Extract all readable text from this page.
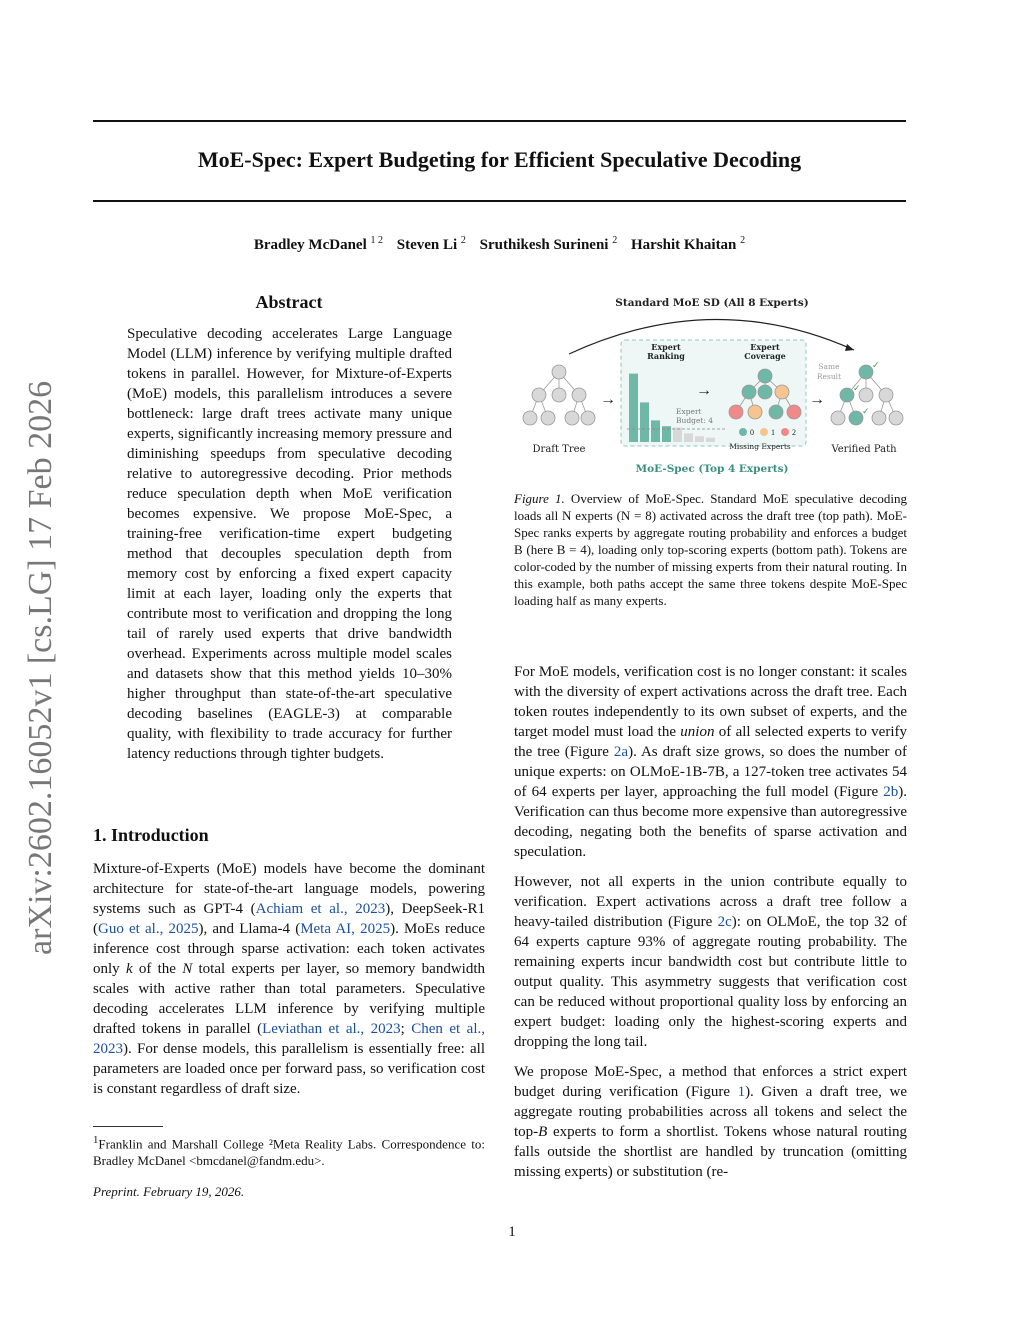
arXiv:2602.16052v1 [cs.LG] 17 Feb 2026
MoE-Spec: Expert Budgeting for Efficient Speculative Decoding
Bradley McDanel $^{1 2}$ Steven Li $^2$ Sruthikesh Surineni $^2$ Harshit Khaitan $^2$
Abstract
Speculative decoding accelerates Large Language Model (LLM) inference by verifying multiple drafted tokens in parallel. However, for Mixture-of-Experts (MoE) models, this parallelism introduces a severe bottleneck: large draft trees activate many unique experts, significantly increasing memory pressure and diminishing speedups from speculative decoding relative to autoregressive decoding. Prior methods reduce speculation depth when MoE verification becomes expensive. We propose MoE-Spec, a training-free verification-time expert budgeting method that decouples speculation depth from memory cost by enforcing a fixed expert capacity limit at each layer, loading only the experts that contribute most to verification and dropping the long tail of rarely used experts that drive bandwidth overhead. Experiments across multiple model scales and datasets show that this method yields 10–30% higher throughput than state-of-the-art speculative decoding baselines (EAGLE-3) at comparable quality, with flexibility to trade accuracy for further latency reductions through tighter budgets.
1. Introduction

Mixture-of-Experts (MoE) models have become the dominant architecture for state-of-the-art language models, powering systems such as GPT-4 (Achiam et al., 2023), DeepSeek-R1 (Guo et al., 2025), and Llama-4 (Meta AI, 2025). MoEs reduce inference cost through sparse activation: each token activates only k of the N total experts per layer, so memory bandwidth scales with active rather than total parameters. Speculative decoding accelerates LLM inference by verifying multiple drafted tokens in parallel (Leviathan et al., 2023; Chen et al., 2023). For dense models, this parallelism is essentially free: all parameters are loaded once per forward pass, so verification cost is constant regardless of draft size.

$^1$Franklin and Marshall College ²Meta Reality Labs. Correspondence to: Bradley McDanel <bmcdanel@fandm.edu>.
Preprint. February 19, 2026.
Standard MoE SD (All 8 Experts)
Expert
Ranking
Expert
Coverage
Expert
Budget: 4
Draft Tree
→
→
0 1 2
Missing Experts
→
Same
Result
✓
✓
✓
Verified Path
MoE-Spec (Top 4 Experts)
Figure 1. Overview of MoE-Spec. Standard MoE speculative decoding loads all N experts (N = 8) activated across the draft tree (top path). MoE-Spec ranks experts by aggregate routing probability and enforces a budget B (here B = 4), loading only top-scoring experts (bottom path). Tokens are color-coded by the number of missing experts from their natural routing. In this example, both paths accept the same three tokens despite MoE-Spec loading half as many experts.

For MoE models, verification cost is no longer constant: it scales with the diversity of expert activations across the draft tree. Each token routes independently to its own subset of experts, and the target model must load the union of all selected experts to verify the tree (Figure 2a). As draft size grows, so does the number of unique experts: on OLMoE-1B-7B, a 127-token tree activates 54 of 64 experts per layer, approaching the full model (Figure 2b). Verification can thus become more expensive than autoregressive decoding, negating both the benefits of sparse activation and speculation.

However, not all experts in the union contribute equally to verification. Expert activations across a draft tree follow a heavy-tailed distribution (Figure 2c): on OLMoE, the top 32 of 64 experts capture 93% of aggregate routing probability. The remaining experts incur bandwidth cost but contribute little to output quality. This asymmetry suggests that verification cost can be reduced without proportional quality loss by enforcing an expert budget: loading only the highest-scoring experts and dropping the long tail.

We propose MoE-Spec, a method that enforces a strict expert budget during verification (Figure 1). Given a draft tree, we aggregate routing probabilities across all tokens and select the top-B experts to form a shortlist. Tokens whose natural routing falls outside the shortlist are handled by truncation (omitting missing experts) or substitution (re-

1
